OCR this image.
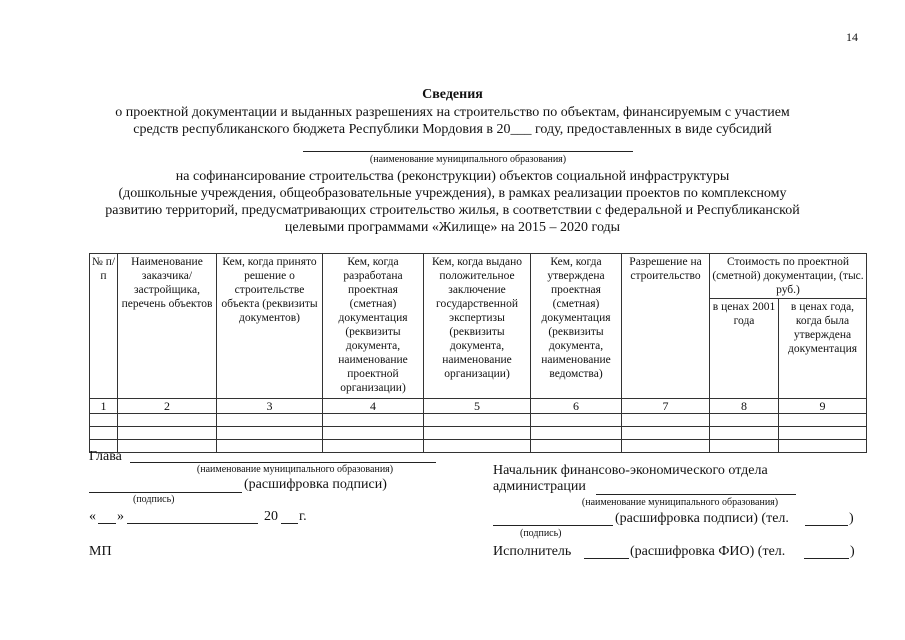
14
Сведения
о проектной документации и выданных разрешениях на строительство по объектам, финансируемым с участием
средств республиканского бюджета Республики Мордовия в 20___ году, предоставленных в виде субсидий
(наименование муниципального образования)
на софинансирование строительства (реконструкции) объектов социальной инфраструктуры
(дошкольные учреждения, общеобразовательные учреждения), в рамках реализации проектов по комплексному
развитию территорий, предусматривающих строительство жилья, в соответствии с федеральной и Республиканской
целевыми программами «Жилище» на 2015 – 2020 годы
№ п/п	Наименование заказчика/ застройщика, перечень объектов	Кем, когда принято решение о строительстве объекта (реквизиты документов)	Кем, когда разработана проектная (сметная) документация (реквизиты документа, наименование проектной организации)	Кем, когда выдано положительное заключение государственной экспертизы (реквизиты документа, наименование организации)	Кем, когда утверждена проектная (сметная) документация (реквизиты документа, наименование ведомства)	Разрешение на строительство	Стоимость по проектной (сметной) документации, (тыс. руб.)	
							в ценах 2001 года	в ценах года, когда была утверждена документация
1	2	3	4	5	6	7	8	9

Глава
(наименование муниципального образования)
(расшифровка подписи)
(подпись)
« »	20 г.
МП
Начальник финансово-экономического отдела
администрации
(наименование муниципального образования)
(расшифровка подписи) (тел.	)
(подпись)
Исполнитель	(расшифровка ФИО) (тел.	)
